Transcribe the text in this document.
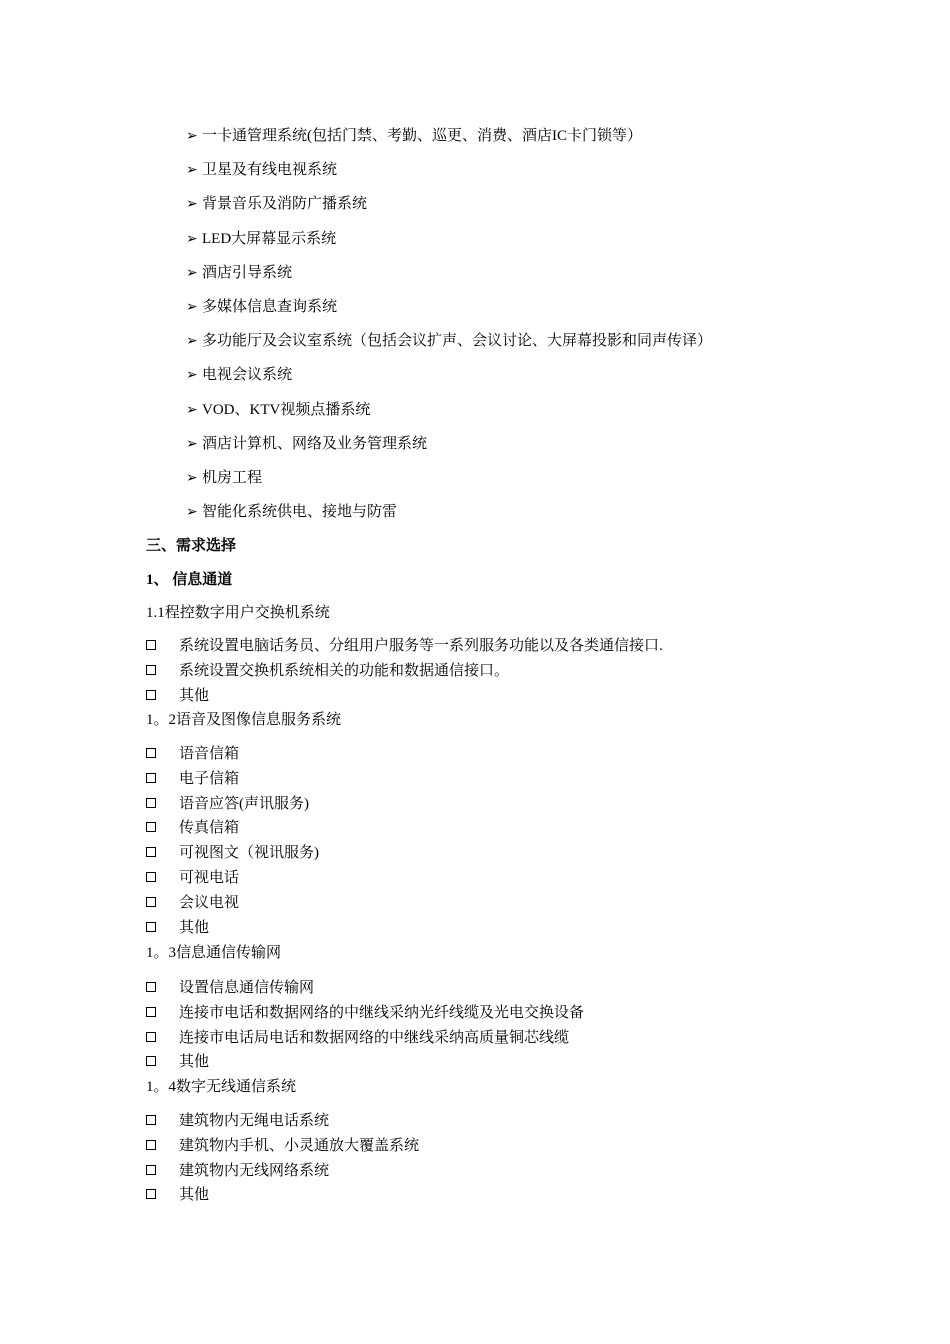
➢ 一卡通管理系统(包括门禁、考勤、巡更、消费、酒店IC卡门锁等）
➢ 卫星及有线电视系统
➢ 背景音乐及消防广播系统
➢ LED大屏幕显示系统
➢ 酒店引导系统
➢ 多媒体信息查询系统
➢ 多功能厅及会议室系统（包括会议扩声、会议讨论、大屏幕投影和同声传译）
➢ 电视会议系统
➢ VOD、KTV视频点播系统
➢ 酒店计算机、网络及业务管理系统
➢ 机房工程
➢ 智能化系统供电、接地与防雷
三、需求选择
1、 信息通道
1.1程控数字用户交换机系统
系统设置电脑话务员、分组用户服务等一系列服务功能以及各类通信接口.
系统设置交换机系统相关的功能和数据通信接口。
其他
1。2语音及图像信息服务系统
语音信箱
电子信箱
语音应答(声讯服务)
传真信箱
可视图文（视讯服务)
可视电话
会议电视
其他
1。3信息通信传输网
设置信息通信传输网
连接市电话和数据网络的中继线采纳光纤线缆及光电交换设备
连接市电话局电话和数据网络的中继线采纳高质量铜芯线缆
其他
1。4数字无线通信系统
建筑物内无绳电话系统
建筑物内手机、小灵通放大覆盖系统
建筑物内无线网络系统
其他
